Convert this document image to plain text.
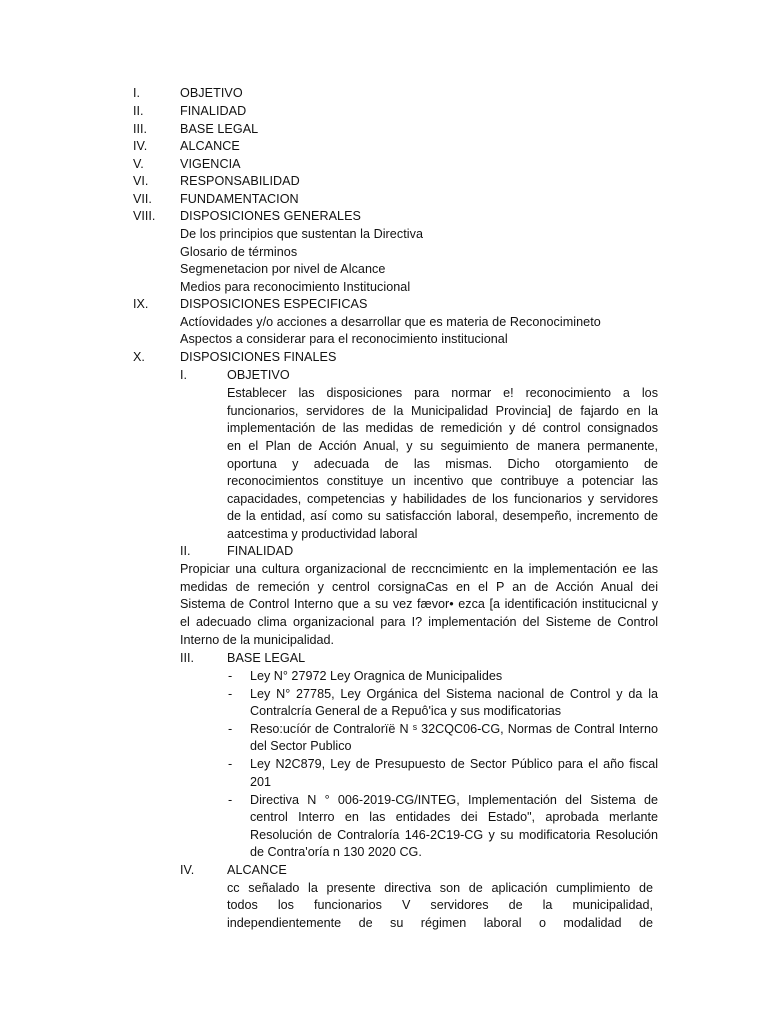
I.	OBJETIVO
II.	FINALIDAD
III.	BASE LEGAL
IV.	ALCANCE
V.	VIGENCIA
VI.	RESPONSABILIDAD
VII. FUNDAMENTACION
VIII. DISPOSICIONES GENERALES
De los principios que sustentan la Directiva
Glosario de términos
Segmenetacion por nivel de Alcance
Medios para reconocimiento Institucional
IX.	DISPOSICIONES ESPECIFICAS
Actíovidades y/o acciones a desarrollar que es materia de Reconocimineto
Aspectos a considerar para el reconocimiento institucional
X.	DISPOSICIONES FINALES
I.	OBJETIVO
Establecer las disposiciones para normar e! reconocimiento a los
funcionarios, servidores de la Municipalidad Provincia] de fajardo en la
implementación de las medidas de remedición y dé control consignados
en el Plan de Acción Anual, y su seguimiento de manera permanente,
oportuna y adecuada de las mismas. Dicho otorgamiento de
reconocimientos constituye un incentivo que contribuye a potenciar las
capacidades, competencias y habilidades de los funcionarios y servidores
de la entidad, así como su satisfacción laboral, desempeño, incremento de
aatcestima y productividad laboral
II.	FINALIDAD
Propiciar una cultura organizacional de reccncimientc en la implementación ee las
medidas de remeción y centrol corsignaCas en el P an de Acción Anual dei
Sistema de Control Interno que a su vez fævor• ezca [a identificación institucicnal y
el adecuado clima organizacional para I? implementación del Sisteme de Control
Interno de la municipalidad.
III.	BASE LEGAL
- Ley N° 27972 Ley Oragnica de Municipalides
- Ley N° 27785, Ley Orgánica del Sistema nacional de Control y da la
Contralcría General de a Repuô'ica y sus modificatorias
- Reso:ucíór de Contralorïë N ˢ 32CQC06-CG, Normas de Contral Interno
del Sector Publico
- Ley N2C879, Ley de Presupuesto de Sector Público para el año fiscal
201
- Directiva N ° 006-2019-CG/INTEG, Implementación del Sistema de
centrol Interro en las entidades dei Estado", aprobada merlante
Resolución de Contraloría 146-2C19-CG y su modificatoria Resolución
de Contra'oría n 130 2020 CG.
IV.	ALCANCE
cc señalado la presente directiva son de aplicación cumplimiento de
todos los funcionarios V servidores de la municipalidad,
independientemente de su régimen laboral o modalidad de
